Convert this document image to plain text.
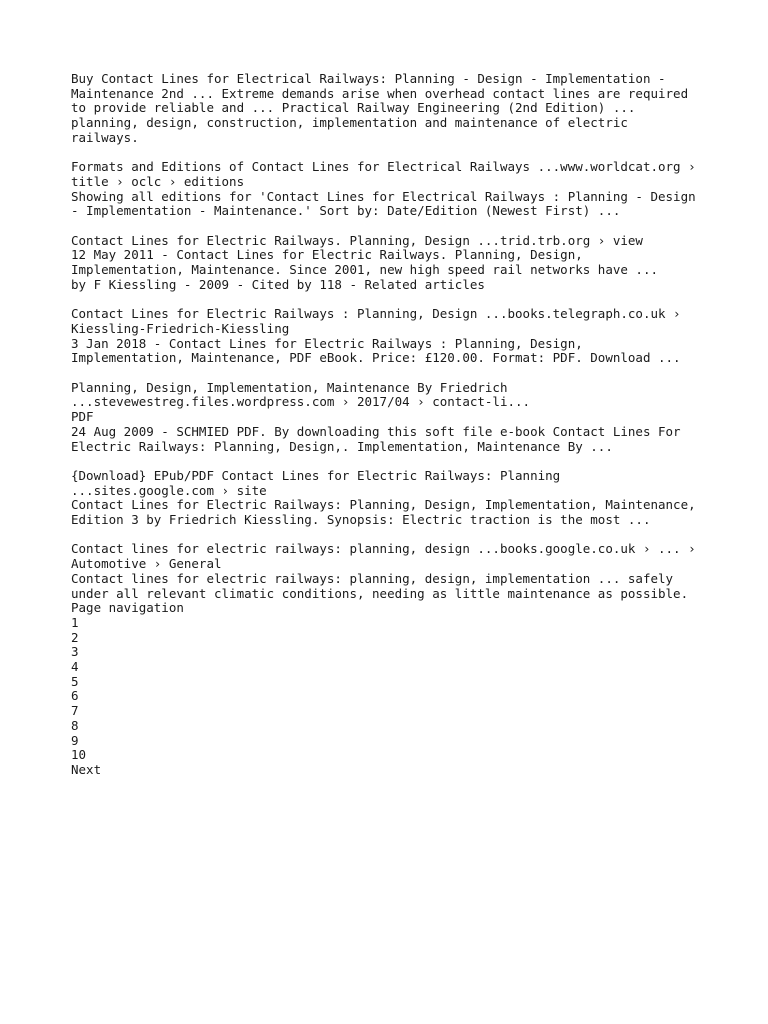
Buy Contact Lines for Electrical Railways: Planning - Design - Implementation -
Maintenance 2nd ... Extreme demands arise when overhead contact lines are required
to provide reliable and ... Practical Railway Engineering (2nd Edition) ...
planning, design, construction, implementation and maintenance of electric
railways.
Formats and Editions of Contact Lines for Electrical Railways ...www.worldcat.org ›
title › oclc › editions
Showing all editions for 'Contact Lines for Electrical Railways : Planning - Design
- Implementation - Maintenance.' Sort by: Date/Edition (Newest First) ...
Contact Lines for Electric Railways. Planning, Design ...trid.trb.org › view
12 May 2011 - Contact Lines for Electric Railways. Planning, Design,
Implementation, Maintenance. Since 2001, new high speed rail networks have ...
by F Kiessling - 2009 - Cited by 118 - Related articles
Contact Lines for Electric Railways : Planning, Design ...books.telegraph.co.uk ›
Kiessling-Friedrich-Kiessling
3 Jan 2018 - Contact Lines for Electric Railways : Planning, Design,
Implementation, Maintenance, PDF eBook. Price: £120.00. Format: PDF. Download ...
Planning, Design, Implementation, Maintenance By Friedrich
...stevewestreg.files.wordpress.com › 2017/04 › contact-li...
PDF
24 Aug 2009 - SCHMIED PDF. By downloading this soft file e-book Contact Lines For
Electric Railways: Planning, Design,. Implementation, Maintenance By ...
{Download} EPub/PDF Contact Lines for Electric Railways: Planning
...sites.google.com › site
Contact Lines for Electric Railways: Planning, Design, Implementation, Maintenance,
Edition 3 by Friedrich Kiessling. Synopsis: Electric traction is the most ...
Contact lines for electric railways: planning, design ...books.google.co.uk › ... ›
Automotive › General
Contact lines for electric railways: planning, design, implementation ... safely
under all relevant climatic conditions, needing as little maintenance as possible.
Page navigation
1
2
3
4
5
6
7
8
9
10
Next
